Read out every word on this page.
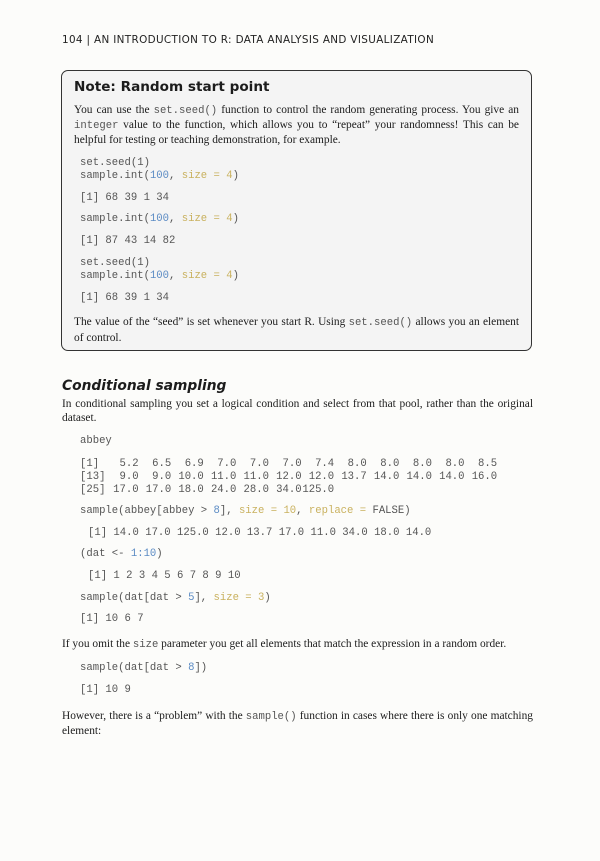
104 | AN INTRODUCTION TO R: DATA ANALYSIS AND VISUALIZATION
Note: Random start point

You can use the set.seed() function to control the random generating process. You give an integer value to the function, which allows you to “repeat” your randomness! This can be helpful for testing or teaching demonstration, for example.

set.seed(1)
sample.int(100, size = 4)
[1] 68 39 1 34
sample.int(100, size = 4)
[1] 87 43 14 82
set.seed(1)
sample.int(100, size = 4)
[1] 68 39 1 34

The value of the “seed” is set whenever you start R. Using set.seed() allows you an element of control.

Conditional sampling

In conditional sampling you set a logical condition and select from that pool, rather than the original dataset.

abbey
[1]	5.2	6.5	6.9	7.0	7.0	7.0	7.4	8.0	8.0	8.0	8.0	8.5
[13]	9.0	9.0	10.0	11.0	11.0	12.0	12.0	13.7	14.0	14.0	14.0	16.0
[25]	17.0	17.0	18.0	24.0	28.0	34.0	125.0					
sample(abbey[abbey > 8], size = 10, replace = FALSE)
[1] 14.0 17.0 125.0 12.0 13.7 17.0 11.0 34.0 18.0 14.0
(dat <- 1:10)
[1] 1 2 3 4 5 6 7 8 9 10
sample(dat[dat > 5], size = 3)
[1] 10 6 7

If you omit the size parameter you get all elements that match the expression in a random order.

sample(dat[dat > 8])
[1] 10 9

However, there is a “problem” with the sample() function in cases where there is only one matching element:
